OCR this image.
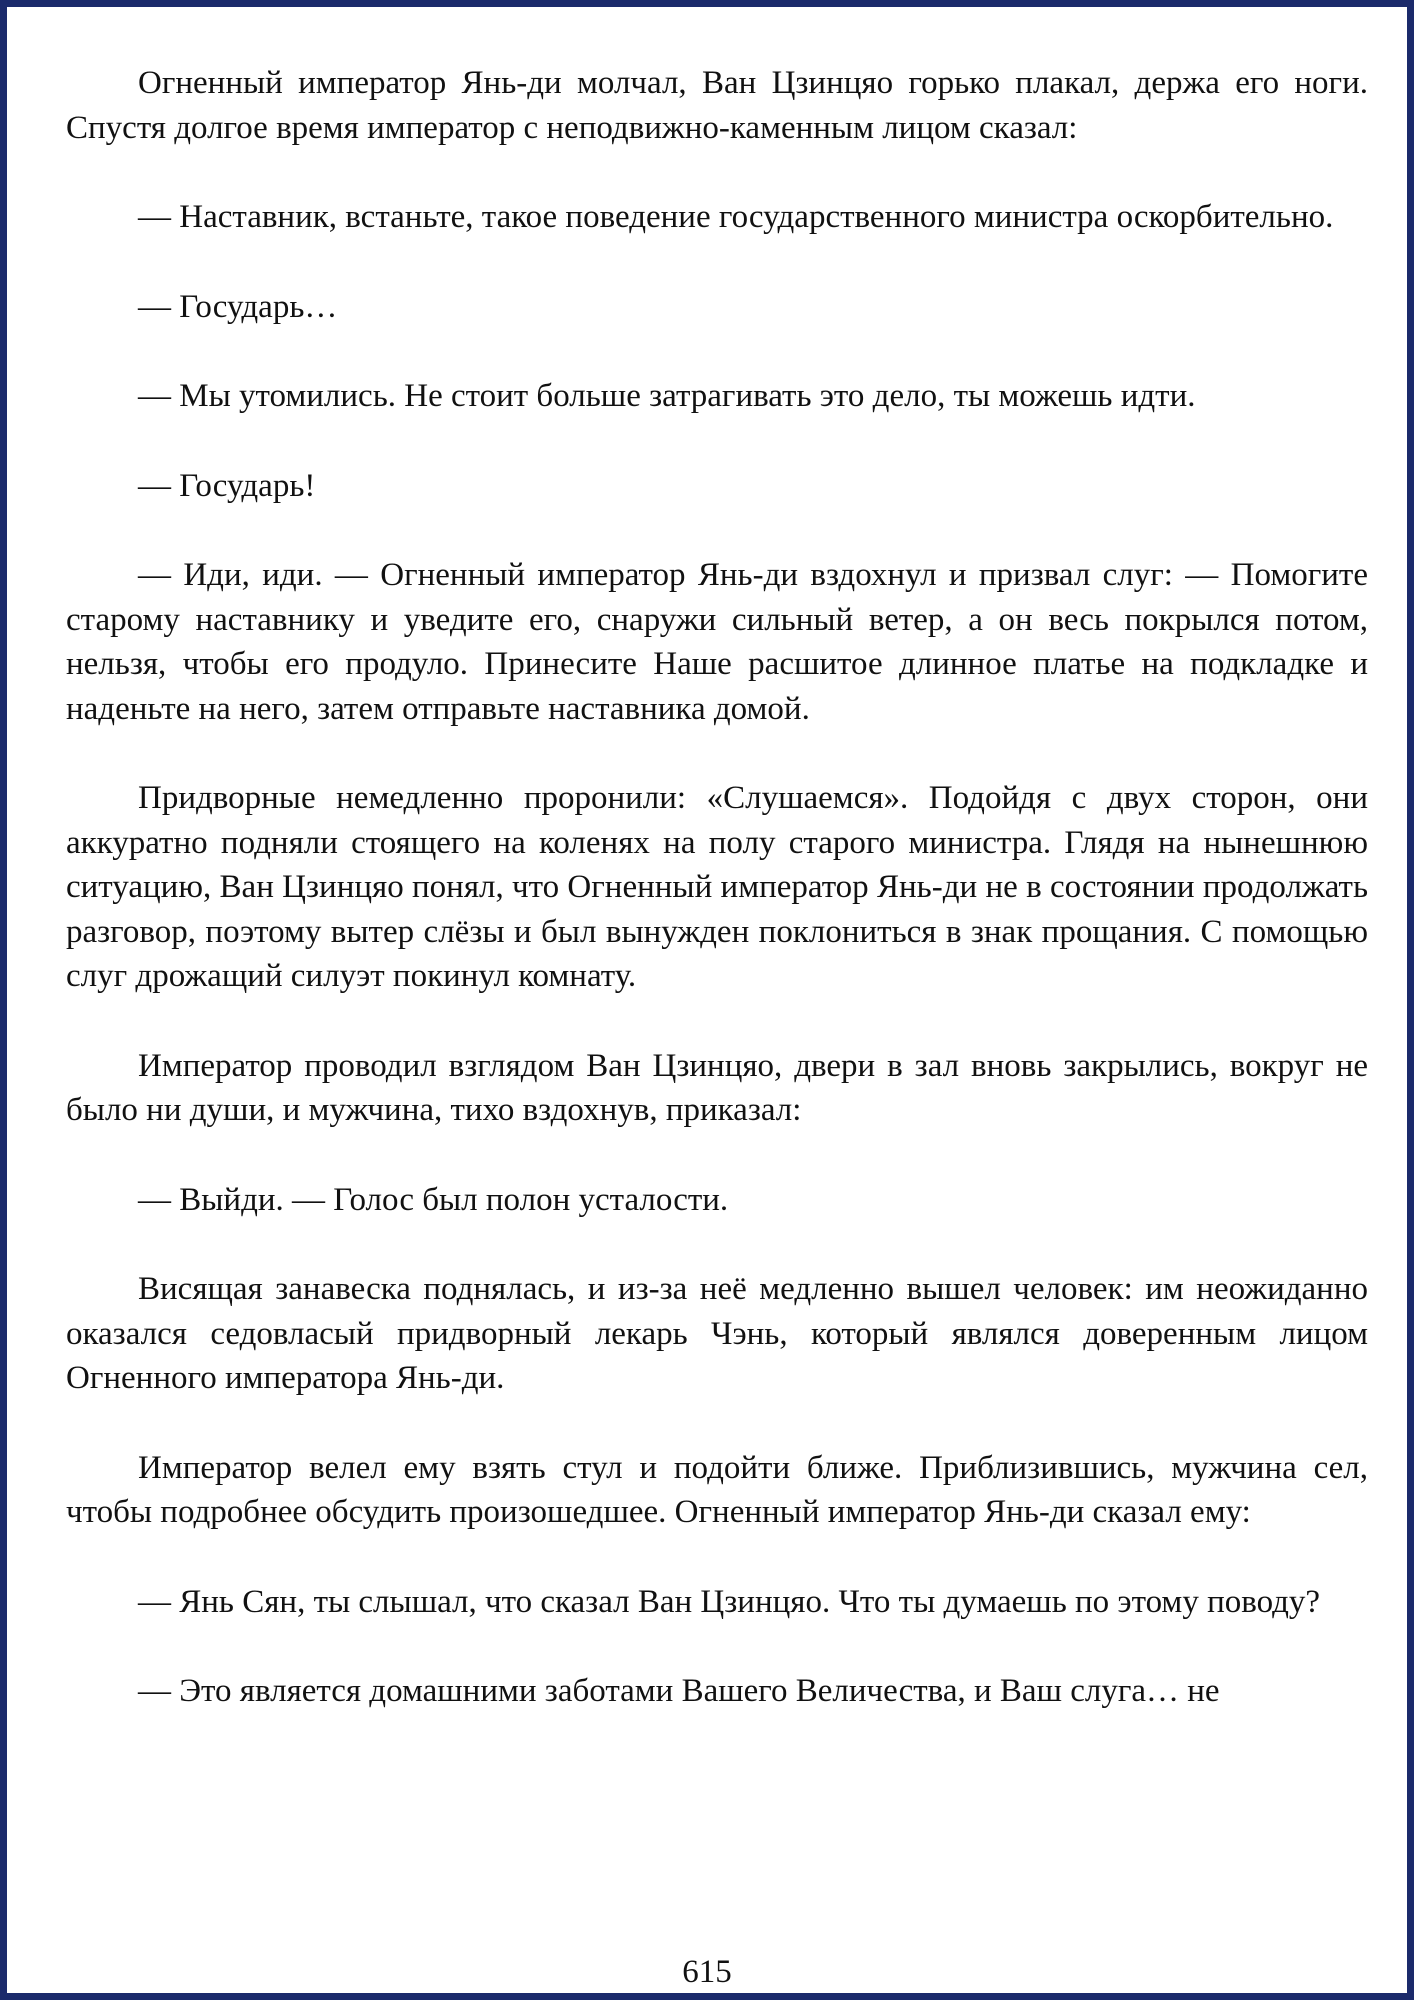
Огненный император Янь-ди молчал, Ван Цзинцяо горько плакал, держа его ноги. Спустя долгое время император с неподвижно-каменным лицом сказал:

— Наставник, встаньте, такое поведение государственного министра оскорбительно.

— Государь…

— Мы утомились. Не стоит больше затрагивать это дело, ты можешь идти.

— Государь!

— Иди, иди. — Огненный император Янь-ди вздохнул и призвал слуг: — Помогите старому наставнику и уведите его, снаружи сильный ветер, а он весь покрылся потом, нельзя, чтобы его продуло. Принесите Наше расшитое длинное платье на подкладке и наденьте на него, затем отправьте наставника домой.

Придворные немедленно проронили: «Слушаемся». Подойдя с двух сторон, они аккуратно подняли стоящего на коленях на полу старого министра. Глядя на нынешнюю ситуацию, Ван Цзинцяо понял, что Огненный император Янь-ди не в состоянии продолжать разговор, поэтому вытер слёзы и был вынужден поклониться в знак прощания. С помощью слуг дрожащий силуэт покинул комнату.

Император проводил взглядом Ван Цзинцяо, двери в зал вновь закрылись, вокруг не было ни души, и мужчина, тихо вздохнув, приказал:

— Выйди. — Голос был полон усталости.

Висящая занавеска поднялась, и из-за неё медленно вышел человек: им неожиданно оказался седовласый придворный лекарь Чэнь, который являлся доверенным лицом Огненного императора Янь-ди.

Император велел ему взять стул и подойти ближе. Приблизившись, мужчина сел, чтобы подробнее обсудить произошедшее. Огненный император Янь-ди сказал ему:

— Янь Сян, ты слышал, что сказал Ван Цзинцяо. Что ты думаешь по этому поводу?

— Это является домашними заботами Вашего Величества, и Ваш слуга… не

615
